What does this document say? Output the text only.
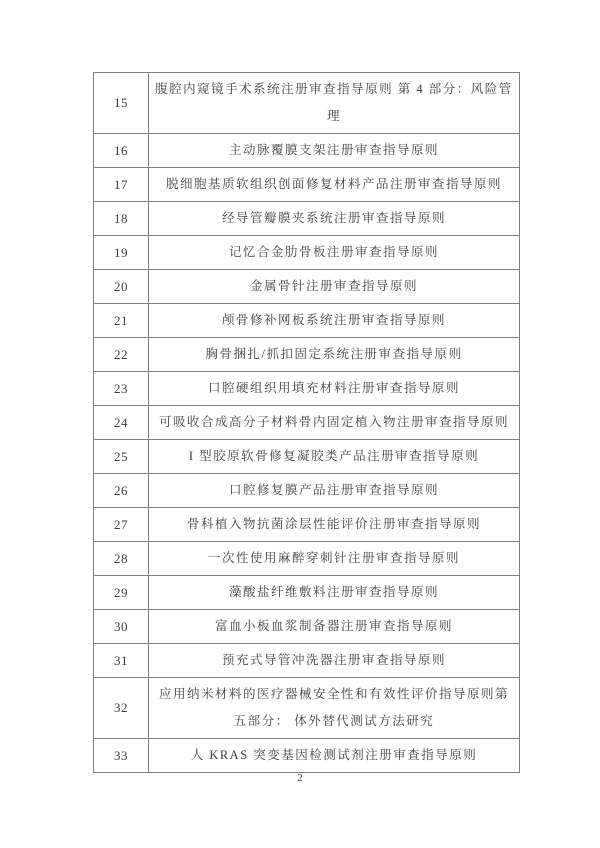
15	腹腔内窥镜手术系统注册审查指导原则 第 4 部分：风险管
理

16	主动脉覆膜支架注册审查指导原则

17	脱细胞基质软组织创面修复材料产品注册审查指导原则

18	经导管瓣膜夹系统注册审查指导原则

19	记忆合金肋骨板注册审查指导原则

20	金属骨针注册审查指导原则

21	颅骨修补网板系统注册审查指导原则

22	胸骨捆扎/抓扣固定系统注册审查指导原则

23	口腔硬组织用填充材料注册审查指导原则

24	可吸收合成高分子材料骨内固定植入物注册审查指导原则

25	I 型胶原软骨修复凝胶类产品注册审查指导原则

26	口腔修复膜产品注册审查指导原则

27	骨科植入物抗菌涂层性能评价注册审查指导原则

28	一次性使用麻醉穿刺针注册审查指导原则

29	藻酸盐纤维敷料注册审查指导原则

30	富血小板血浆制备器注册审查指导原则

31	预充式导管冲洗器注册审查指导原则

32	应用纳米材料的医疗器械安全性和有效性评价指导原则第
五部分： 体外替代测试方法研究

33	人 KRAS 突变基因检测试剂注册审查指导原则
2
